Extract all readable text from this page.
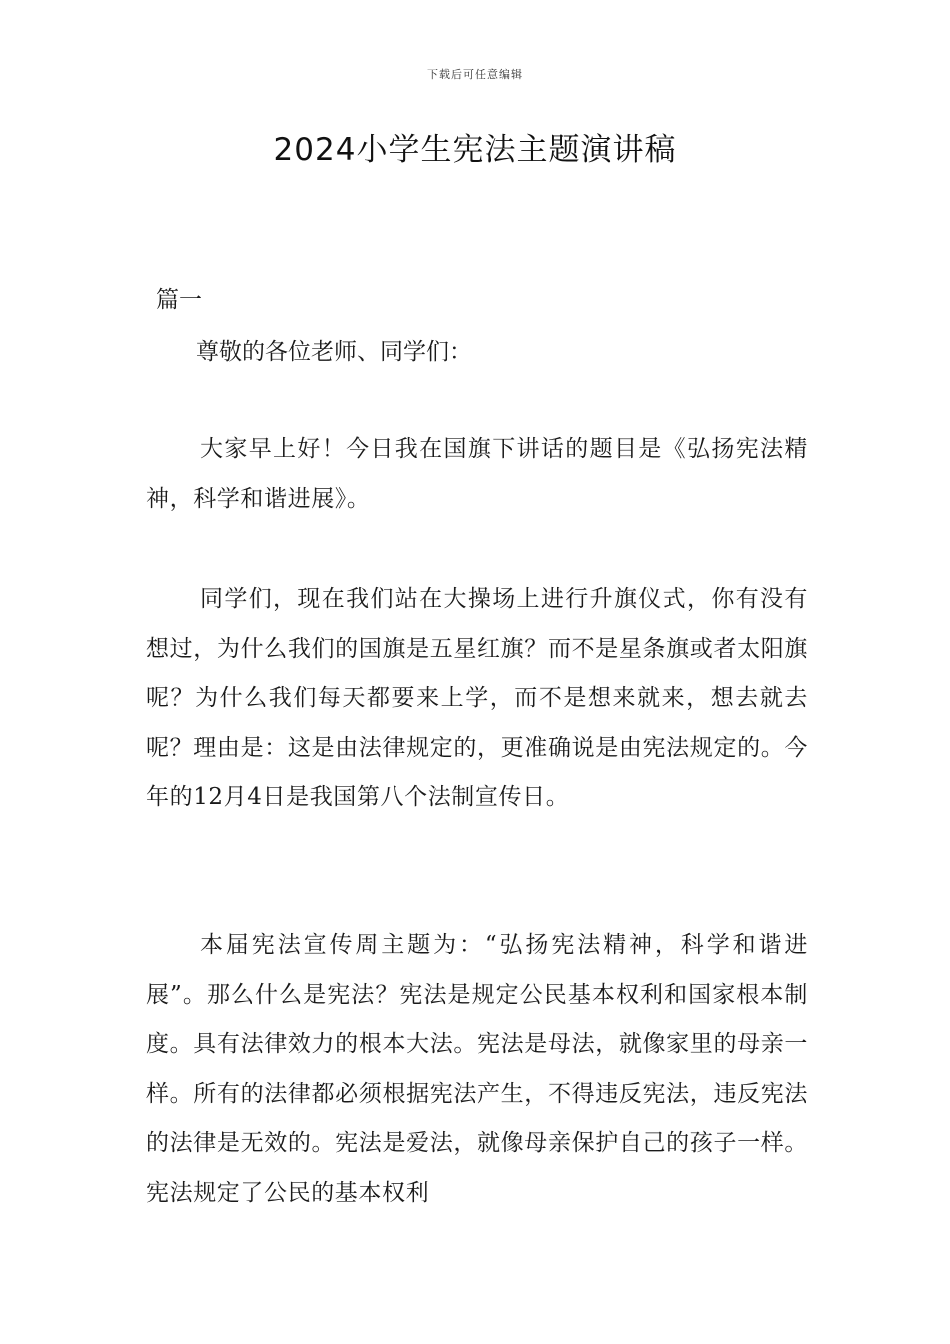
下载后可任意编辑
2024小学生宪法主题演讲稿
篇一
尊敬的各位老师、同学们：

大家早上好！今日我在国旗下讲话的题目是《弘扬宪法精神，科学和谐进展》。

同学们，现在我们站在大操场上进行升旗仪式，你有没有想过，为什么我们的国旗是五星红旗？而不是星条旗或者太阳旗呢？为什么我们每天都要来上学，而不是想来就来，想去就去呢？理由是：这是由法律规定的，更准确说是由宪法规定的。今年的12月4日是我国第八个法制宣传日。

本届宪法宣传周主题为：“弘扬宪法精神，科学和谐进展”。那么什么是宪法？宪法是规定公民基本权利和国家根本制度。具有法律效力的根本大法。宪法是母法，就像家里的母亲一样。所有的法律都必须根据宪法产生，不得违反宪法，违反宪法的法律是无效的。宪法是爱法，就像母亲保护自己的孩子一样。宪法规定了公民的基本权利
